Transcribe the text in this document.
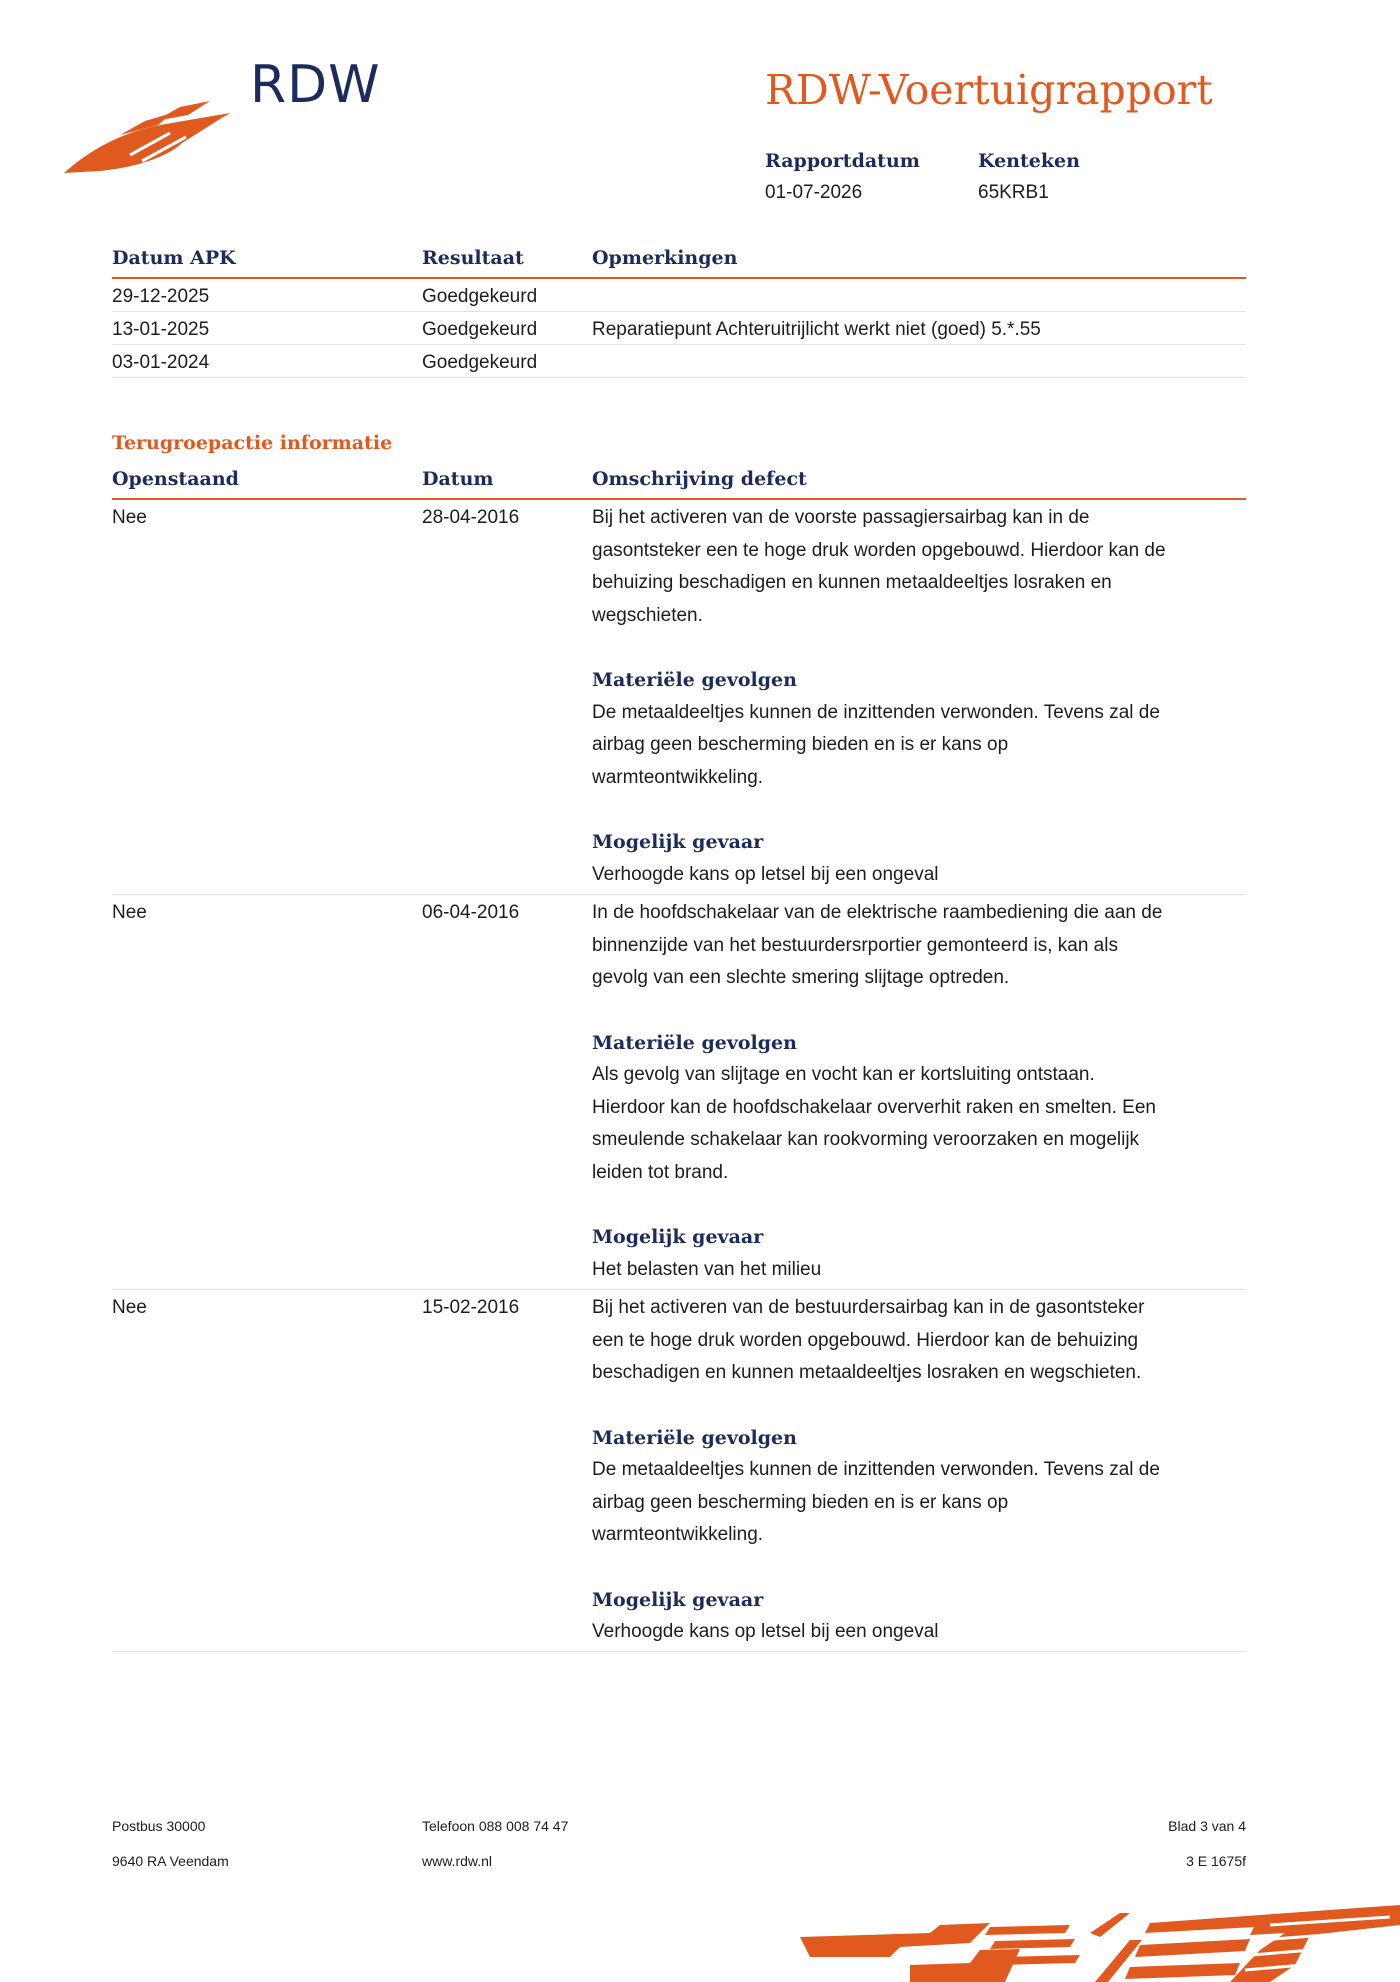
RDW	RDW-Voertuigrapport
Rapportdatum
01-07-2026
Kenteken
65KRB1
Datum APK	Resultaat	Opmerkingen
29-12-2025	Goedgekeurd
13-01-2025	Goedgekeurd	Reparatiepunt Achteruitrijlicht werkt niet (goed) 5.*.55
03-01-2024	Goedgekeurd
Terugroepactie informatie
Openstaand	Datum	Omschrijving defect
Nee	28-04-2016	Bij het activeren van de voorste passagiersairbag kan in de

gasontsteker een te hoge druk worden opgebouwd. Hierdoor kan de

behuizing beschadigen en kunnen metaaldeeltjes losraken en

wegschieten.

Materiële gevolgen

De metaaldeeltjes kunnen de inzittenden verwonden. Tevens zal de

airbag geen bescherming bieden en is er kans op

warmteontwikkeling.

Mogelijk gevaar

Verhoogde kans op letsel bij een ongeval

Nee	06-04-2016	In de hoofdschakelaar van de elektrische raambediening die aan de

binnenzijde van het bestuurdersrportier gemonteerd is, kan als

gevolg van een slechte smering slijtage optreden.

Materiële gevolgen

Als gevolg van slijtage en vocht kan er kortsluiting ontstaan.

Hierdoor kan de hoofdschakelaar oververhit raken en smelten. Een

smeulende schakelaar kan rookvorming veroorzaken en mogelijk

leiden tot brand.

Mogelijk gevaar

Het belasten van het milieu

Nee	15-02-2016	Bij het activeren van de bestuurdersairbag kan in de gasontsteker

een te hoge druk worden opgebouwd. Hierdoor kan de behuizing

beschadigen en kunnen metaaldeeltjes losraken en wegschieten.

Materiële gevolgen

De metaaldeeltjes kunnen de inzittenden verwonden. Tevens zal de

airbag geen bescherming bieden en is er kans op

warmteontwikkeling.

Mogelijk gevaar

Verhoogde kans op letsel bij een ongeval

Postbus 30000
9640 RA Veendam
Telefoon 088 008 74 47
www.rdw.nl
Blad 3 van 4
3 E 1675f
